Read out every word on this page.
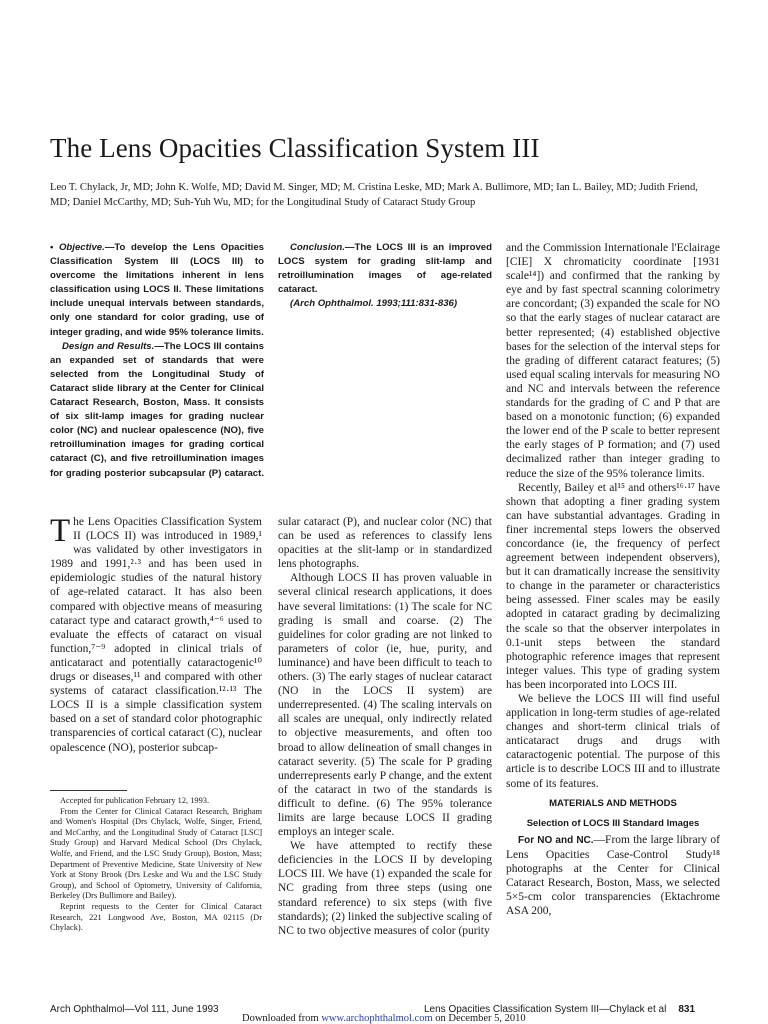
The Lens Opacities Classification System III
Leo T. Chylack, Jr, MD; John K. Wolfe, MD; David M. Singer, MD; M. Cristina Leske, MD; Mark A. Bullimore, MD; Ian L. Bailey, MD; Judith Friend, MD; Daniel McCarthy, MD; Suh-Yuh Wu, MD; for the Longitudinal Study of Cataract Study Group

• Objective.—To develop the Lens Opacities Classification System III (LOCS III) to overcome the limitations inherent in lens classification using LOCS II. These limitations include unequal intervals between standards, only one standard for color grading, use of integer grading, and wide 95% tolerance limits.

Design and Results.—The LOCS III contains an expanded set of standards that were selected from the Longitudinal Study of Cataract slide library at the Center for Clinical Cataract Research, Boston, Mass. It consists of six slit-lamp images for grading nuclear color (NC) and nuclear opalescence (NO), five retroillumination images for grading cortical cataract (C), and five retroillumination images for grading posterior subcapsular (P) cataract.

Conclusion.—The LOCS III is an improved LOCS system for grading slit-lamp and retroillumination images of age-related cataract.

(Arch Ophthalmol. 1993;111:831-836)

The Lens Opacities Classification System II (LOCS II) was introduced in 1989,¹ was validated by other investigators in 1989 and 1991,²·³ and has been used in epidemiologic studies of the natural history of age-related cataract. It has also been compared with objective means of measuring cataract type and cataract growth,⁴⁻⁶ used to evaluate the effects of cataract on visual function,⁷⁻⁹ adopted in clinical trials of anticataract and potentially cataractogenic¹⁰ drugs or diseases,¹¹ and compared with other systems of cataract classification.¹²·¹³ The LOCS II is a simple classification system based on a set of standard color photographic transparencies of cortical cataract (C), nuclear opalescence (NO), posterior subcap-

Accepted for publication February 12, 1993.

From the Center for Clinical Cataract Research, Brigham and Women's Hospital (Drs Chylack, Wolfe, Singer, Friend, and McCarthy, and the Longitudinal Study of Cataract [LSC] Study Group) and Harvard Medical School (Drs Chylack, Wolfe, and Friend, and the LSC Study Group), Boston, Mass; Department of Preventive Medicine, State University of New York at Stony Brook (Drs Leske and Wu and the LSC Study Group), and School of Optometry, University of California, Berkeley (Drs Bullimore and Bailey).

Reprint requests to the Center for Clinical Cataract Research, 221 Longwood Ave, Boston, MA 02115 (Dr Chylack).

sular cataract (P), and nuclear color (NC) that can be used as references to classify lens opacities at the slit-lamp or in standardized lens photographs.

Although LOCS II has proven valuable in several clinical research applications, it does have several limitations: (1) The scale for NC grading is small and coarse. (2) The guidelines for color grading are not linked to parameters of color (ie, hue, purity, and luminance) and have been difficult to teach to others. (3) The early stages of nuclear cataract (NO in the LOCS II system) are underrepresented. (4) The scaling intervals on all scales are unequal, only indirectly related to objective measurements, and often too broad to allow delineation of small changes in cataract severity. (5) The scale for P grading underrepresents early P change, and the extent of the cataract in two of the standards is difficult to define. (6) The 95% tolerance limits are large because LOCS II grading employs an integer scale.

We have attempted to rectify these deficiencies in the LOCS II by developing LOCS III. We have (1) expanded the scale for NC grading from three steps (using one standard reference) to six steps (with five standards); (2) linked the subjective scaling of NC to two objective measures of color (purity

and the Commission Internationale l'Eclairage [CIE] X chromaticity coordinate [1931 scale¹⁴]) and confirmed that the ranking by eye and by fast spectral scanning colorimetry are concordant; (3) expanded the scale for NO so that the early stages of nuclear cataract are better represented; (4) established objective bases for the selection of the interval steps for the grading of different cataract features; (5) used equal scaling intervals for measuring NO and NC and intervals between the reference standards for the grading of C and P that are based on a monotonic function; (6) expanded the lower end of the P scale to better represent the early stages of P formation; and (7) used decimalized rather than integer grading to reduce the size of the 95% tolerance limits.

Recently, Bailey et al¹⁵ and others¹⁶·¹⁷ have shown that adopting a finer grading system can have substantial advantages. Grading in finer incremental steps lowers the observed concordance (ie, the frequency of perfect agreement between independent observers), but it can dramatically increase the sensitivity to change in the parameter or characteristics being assessed. Finer scales may be easily adopted in cataract grading by decimalizing the scale so that the observer interpolates in 0.1-unit steps between the standard photographic reference images that represent integer values. This type of grading system has been incorporated into LOCS III.

We believe the LOCS III will find useful application in long-term studies of age-related changes and short-term clinical trials of anticataract drugs and drugs with cataractogenic potential. The purpose of this article is to describe LOCS III and to illustrate some of its features.

MATERIALS AND METHODS

Selection of LOCS III Standard Images

For NO and NC.—From the large library of Lens Opacities Case-Control Study¹⁸ photographs at the Center for Clinical Cataract Research, Boston, Mass, we selected 5×5-cm color transparencies (Ektachrome ASA 200,

Arch Ophthalmol—Vol 111, June 1993	Lens Opacities Classification System III—Chylack et al 831
Downloaded from www.archophthalmol.com on December 5, 2010
